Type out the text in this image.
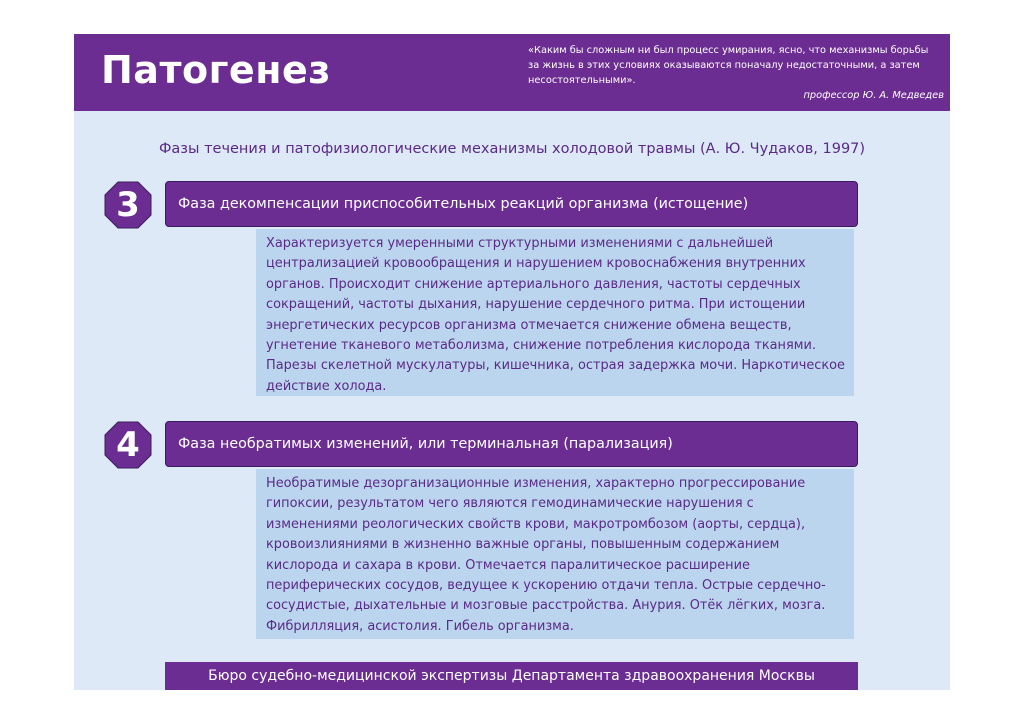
Патогенез	«Каким бы сложным ни был процесс умирания, ясно, что механизмы борьбы за жизнь в этих условиях оказываются поначалу недостаточными, а затем несостоятельными».
профессор Ю. А. Медведев
Фазы течения и патофизиологические механизмы холодовой травмы (А. Ю. Чудаков, 1997)
3	Фаза декомпенсации приспособительных реакций организма (истощение)
Характеризуется умеренными структурными изменениями с дальнейшей централизацией кровообращения и нарушением кровоснабжения внутренних органов. Происходит снижение артериального давления, частоты сердечных сокращений, частоты дыхания, нарушение сердечного ритма. При истощении энергетических ресурсов организма отмечается снижение обмена веществ, угнетение тканевого метаболизма, снижение потребления кислорода тканями. Парезы скелетной мускулатуры, кишечника, острая задержка мочи. Наркотическое действие холода.
4	Фаза необратимых изменений, или терминальная (парализация)
Необратимые дезорганизационные изменения, характерно прогрессирование гипоксии, результатом чего являются гемодинамические нарушения с изменениями реологических свойств крови, макротромбозом (аорты, сердца), кровоизлияниями в жизненно важные органы, повышенным содержанием кислорода и сахара в крови. Отмечается паралитическое расширение периферических сосудов, ведущее к ускорению отдачи тепла. Острые сердечно-сосудистые, дыхательные и мозговые расстройства. Анурия. Отёк лёгких, мозга. Фибрилляция, асистолия. Гибель организма.
Бюро судебно-медицинской экспертизы Департамента здравоохранения Москвы
